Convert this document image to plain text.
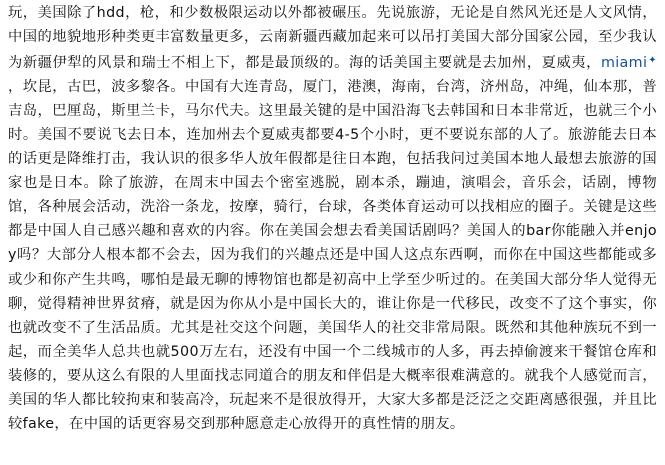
玩，美国除了hdd，枪，和少数极限运动以外都被碾压。先说旅游，无论是自然风光还是人文风情，中国的地貌地形种类更丰富数量更多，云南新疆西藏加起来可以吊打美国大部分国家公园，至少我认为新疆伊犁的风景和瑞士不相上下，都是最顶级的。海的话美国主要就是去加州，夏威夷，miami✦，坎昆，古巴，波多黎各。中国有大连青岛，厦门，港澳，海南，台湾，济州岛，冲绳，仙本那，普吉岛，巴厘岛，斯里兰卡，马尔代夫。这里最关键的是中国沿海飞去韩国和日本非常近，也就三个小时。美国不要说飞去日本，连加州去个夏威夷都要4-5个小时，更不要说东部的人了。旅游能去日本的话更是降维打击，我认识的很多华人放年假都是往日本跑，包括我问过美国本地人最想去旅游的国家也是日本。除了旅游，在周末中国去个密室逃脱，剧本杀，蹦迪，演唱会，音乐会，话剧，博物馆，各种展会活动，洗浴一条龙，按摩，骑行，台球，各类体育运动可以找相应的圈子。关键是这些都是中国人自己感兴趣和喜欢的内容。你在美国会想去看美国话剧吗？美国人的bar你能融入并enjoy吗？大部分人根本都不会去，因为我们的兴趣点还是中国人这点东西啊，而你在中国这些都能或多或少和你产生共鸣，哪怕是最无聊的博物馆也都是初高中上学至少听过的。在美国大部分华人觉得无聊，觉得精神世界贫瘠，就是因为你从小是中国长大的，谁让你是一代移民，改变不了这个事实，你也就改变不了生活品质。尤其是社交这个问题，美国华人的社交非常局限。既然和其他种族玩不到一起，而全美华人总共也就500万左右，还没有中国一个二线城市的人多，再去掉偷渡来干餐馆仓库和装修的，要从这么有限的人里面找志同道合的朋友和伴侣是大概率很难满意的。就我个人感觉而言，美国的华人都比较拘束和装高冷，玩起来不是很放得开，大家大多都是泛泛之交距离感很强，并且比较fake，在中国的话更容易交到那种愿意走心放得开的真性情的朋友。
